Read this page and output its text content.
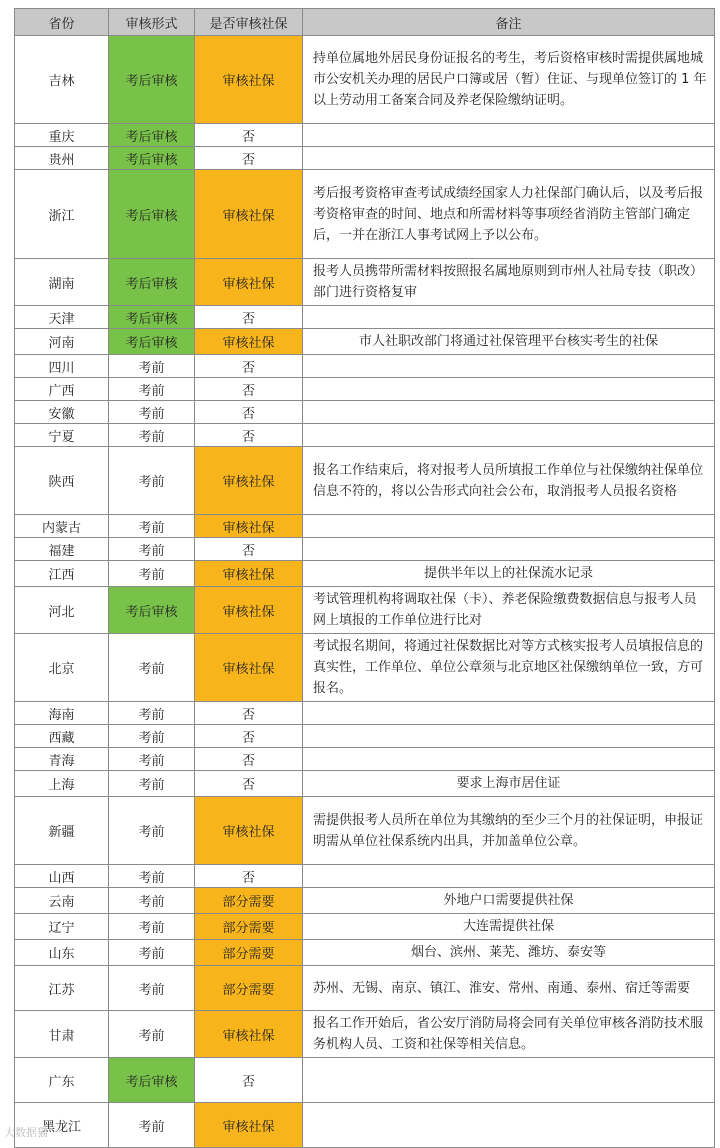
省份	审核形式	是否审核社保	备注
吉林	考后审核	审核社保	持单位属地外居民身份证报名的考生，考后资格审核时需提供属地城市公安机关办理的居民户口簿或居（暂）住证、与现单位签订的 1 年以上劳动用工备案合同及养老保险缴纳证明。
重庆	考后审核	否	
贵州	考后审核	否	
浙江	考后审核	审核社保	考后报考资格审查考试成绩经国家人力社保部门确认后，以及考后报考资格审查的时间、地点和所需材料等事项经省消防主管部门确定后，一并在浙江人事考试网上予以公布。
湖南	考后审核	审核社保	报考人员携带所需材料按照报名属地原则到市州人社局专技（职改）部门进行资格复审
天津	考后审核	否	
河南	考后审核	审核社保	市人社职改部门将通过社保管理平台核实考生的社保
四川	考前	否	
广西	考前	否	
安徽	考前	否	
宁夏	考前	否	
陕西	考前	审核社保	报名工作结束后，将对报考人员所填报工作单位与社保缴纳社保单位信息不符的，将以公告形式向社会公布，取消报考人员报名资格
内蒙古	考前	审核社保	
福建	考前	否	
江西	考前	审核社保	提供半年以上的社保流水记录
河北	考后审核	审核社保	考试管理机构将调取社保（卡）、养老保险缴费数据信息与报考人员网上填报的工作单位进行比对
北京	考前	审核社保	考试报名期间，将通过社保数据比对等方式核实报考人员填报信息的真实性，工作单位、单位公章须与北京地区社保缴纳单位一致，方可报名。
海南	考前	否	
西藏	考前	否	
青海	考前	否	
上海	考前	否	要求上海市居住证
新疆	考前	审核社保	需提供报考人员所在单位为其缴纳的至少三个月的社保证明，申报证明需从单位社保系统内出具，并加盖单位公章。
山西	考前	否	
云南	考前	部分需要	外地户口需要提供社保
辽宁	考前	部分需要	大连需提供社保
山东	考前	部分需要	烟台、滨州、莱芜、潍坊、泰安等
江苏	考前	部分需要	苏州、无锡、南京、镇江、淮安、常州、南通、泰州、宿迁等需要
甘肃	考前	审核社保	报名工作开始后，省公安厅消防局将会同有关单位审核各消防技术服务机构人员、工资和社保等相关信息。
广东	考后审核	否	
黑龙江	考前	审核社保	
大数据猫
